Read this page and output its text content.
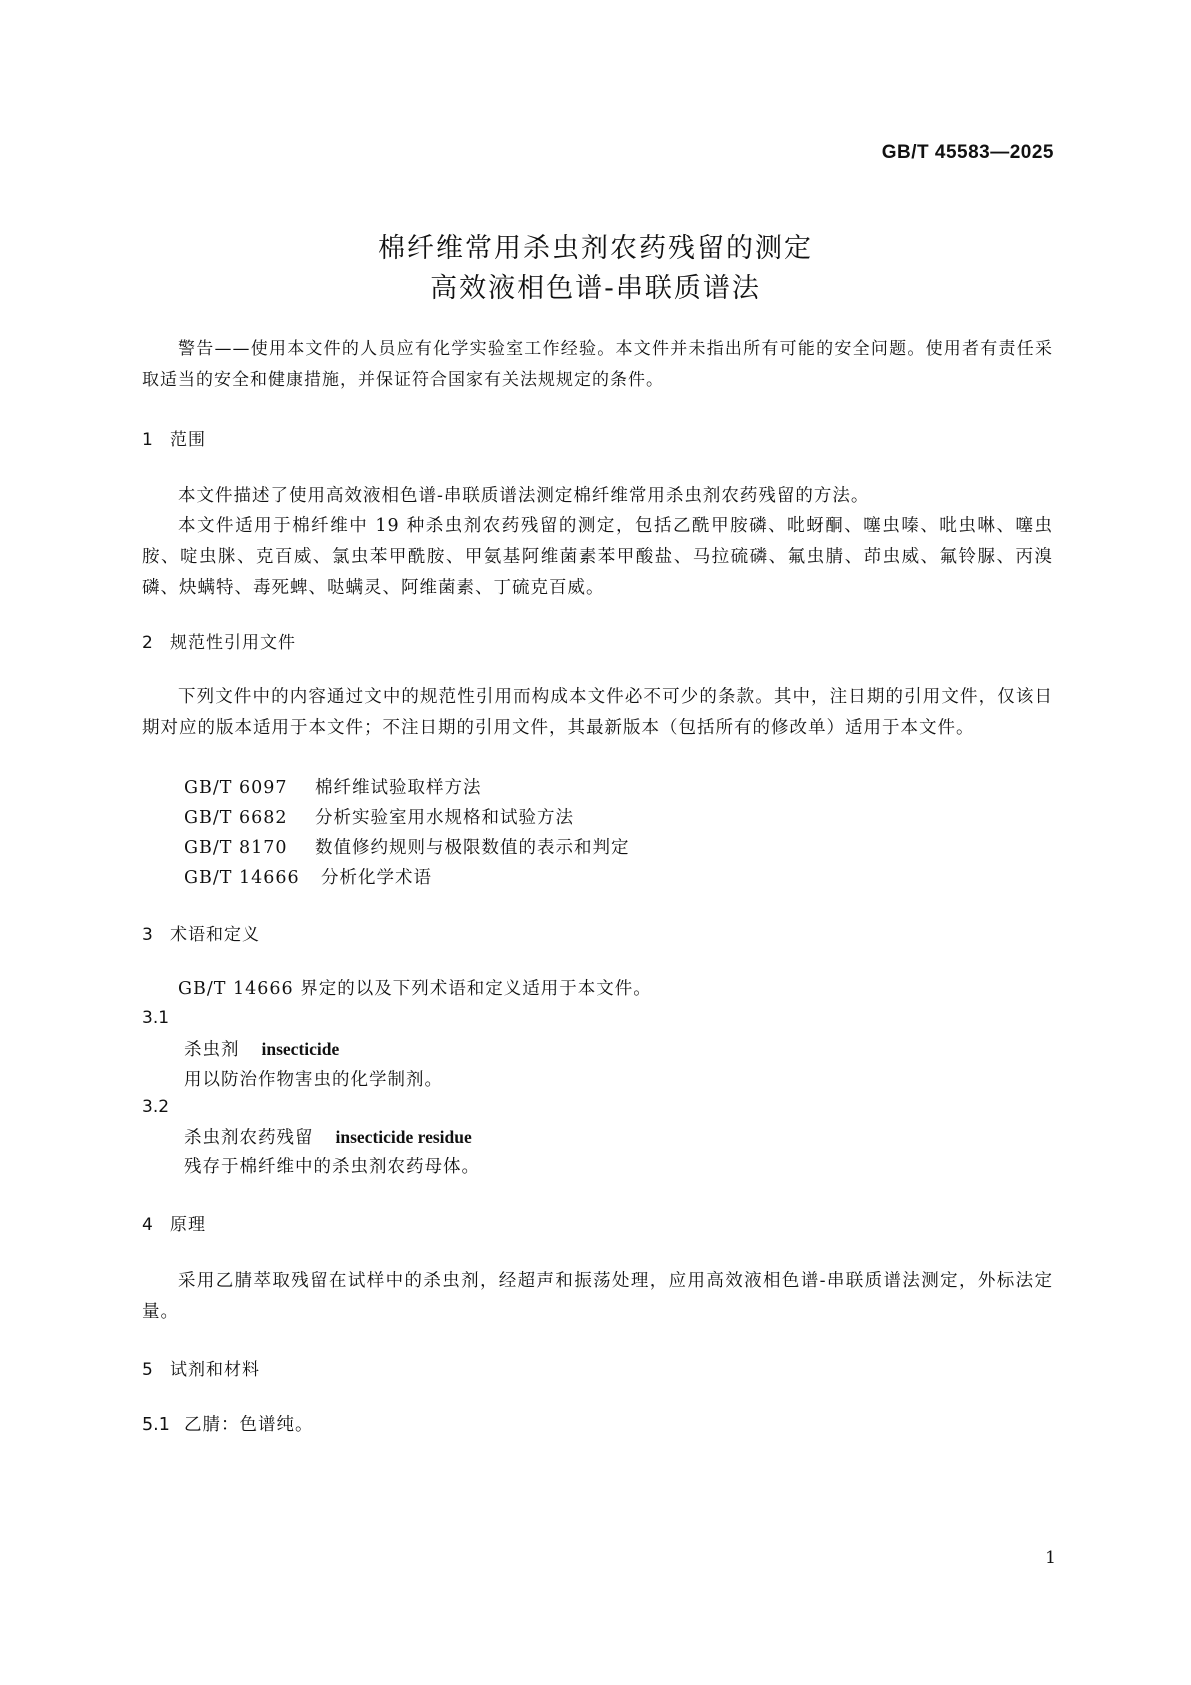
GB/T 45583—2025
棉纤维常用杀虫剂农药残留的测定
高效液相色谱-串联质谱法
警告——使用本文件的人员应有化学实验室工作经验。本文件并未指出所有可能的安全问题。使用者有责任采取适当的安全和健康措施，并保证符合国家有关法规规定的条件。
1 范围
本文件描述了使用高效液相色谱-串联质谱法测定棉纤维常用杀虫剂农药残留的方法。
本文件适用于棉纤维中 19 种杀虫剂农药残留的测定，包括乙酰甲胺磷、吡蚜酮、噻虫嗪、吡虫啉、噻虫胺、啶虫脒、克百威、氯虫苯甲酰胺、甲氨基阿维菌素苯甲酸盐、马拉硫磷、氟虫腈、茚虫威、氟铃脲、丙溴磷、炔螨特、毒死蜱、哒螨灵、阿维菌素、丁硫克百威。
2 规范性引用文件
下列文件中的内容通过文中的规范性引用而构成本文件必不可少的条款。其中，注日期的引用文件，仅该日期对应的版本适用于本文件；不注日期的引用文件，其最新版本（包括所有的修改单）适用于本文件。
GB/T 6097 棉纤维试验取样方法
GB/T 6682 分析实验室用水规格和试验方法
GB/T 8170 数值修约规则与极限数值的表示和判定
GB/T 14666 分析化学术语
3 术语和定义
GB/T 14666 界定的以及下列术语和定义适用于本文件。
3.1
杀虫剂 insecticide
用以防治作物害虫的化学制剂。
3.2
杀虫剂农药残留 insecticide residue
残存于棉纤维中的杀虫剂农药母体。
4 原理
采用乙腈萃取残留在试样中的杀虫剂，经超声和振荡处理，应用高效液相色谱-串联质谱法测定，外标法定量。
5 试剂和材料
5.1 乙腈：色谱纯。
1
